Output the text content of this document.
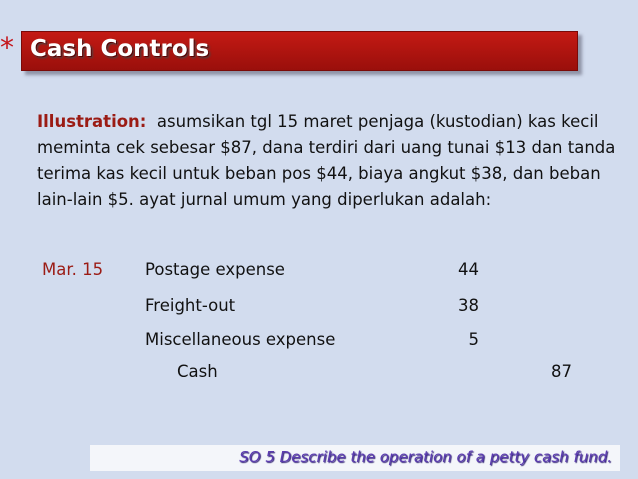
* Cash Controls
Illustration: asumsikan tgl 15 maret penjaga (kustodian) kas kecil meminta cek sebesar $87, dana terdiri dari uang tunai $13 dan tanda terima kas kecil untuk beban pos $44, biaya angkut $38, dan beban lain-lain $5. ayat jurnal umum yang diperlukan adalah:
Mar. 15	Postage expense	44
Freight-out	38
Miscellaneous expense	5
Cash	87
SO 5 Describe the operation of a petty cash fund.
